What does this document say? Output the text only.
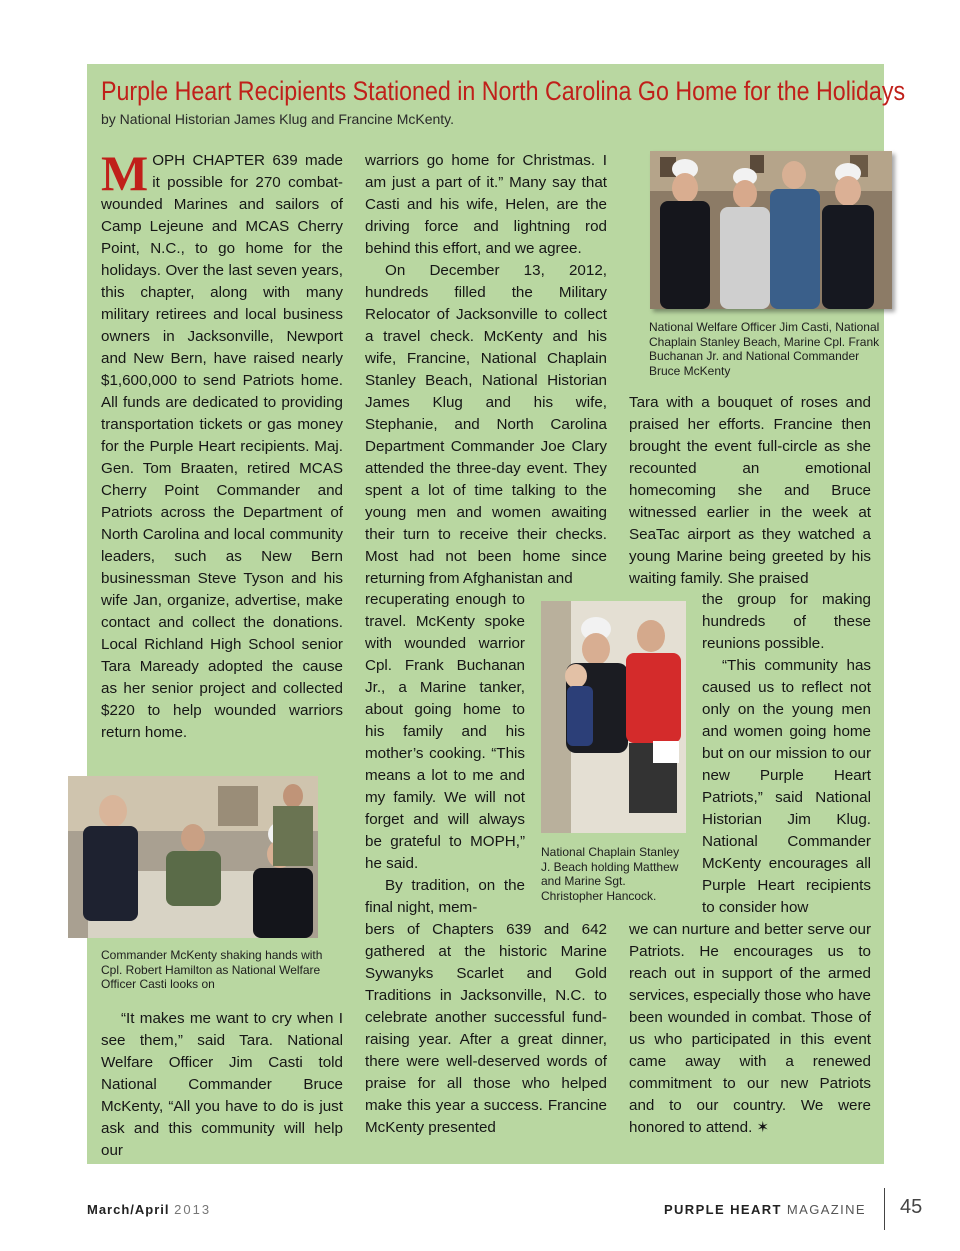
Purple Heart Recipients Stationed in North Carolina Go Home for the Holidays
by National Historian James Klug and Francine McKenty.

MOPH CHAPTER 639 made it possible for 270 combat-wounded Marines and sailors of Camp Lejeune and MCAS Cherry Point, N.C., to go home for the holidays. Over the last seven years, this chapter, along with many military retirees and local business owners in Jacksonville, Newport and New Bern, have raised nearly $1,600,000 to send Patriots home. All funds are dedicated to providing transportation tickets or gas money for the Purple Heart recipients. Maj. Gen. Tom Braaten, retired MCAS Cherry Point Commander and Patriots across the Department of North Carolina and local community leaders, such as New Bern businessman Steve Tyson and his wife Jan, organize, advertise, make contact and collect the donations. Local Richland High School senior Tara Maready adopted the cause as her senior project and collected $220 to help wounded warriors return home.

Commander McKenty shaking hands with Cpl. Robert Hamilton as National Welfare Officer Casti looks on

“It makes me want to cry when I see them,” said Tara. National Welfare Officer Jim Casti told National Commander Bruce McKenty, “All you have to do is just ask and this community will help our

warriors go home for Christmas. I am just a part of it.” Many say that Casti and his wife, Helen, are the driving force and lightning rod behind this effort, and we agree.

On December 13, 2012, hundreds filled the Military Relocator of Jacksonville to collect a travel check. McKenty and his wife, Francine, National Chaplain Stanley Beach, National Historian James Klug and his wife, Stephanie, and North Carolina Department Commander Joe Clary attended the three-day event. They spent a lot of time talking to the young men and women awaiting their turn to receive their checks. Most had not been home since returning from Afghanistan and

recuperating enough to travel. McKenty spoke with wounded warrior Cpl. Frank Buchanan Jr., a Marine tanker, about going home to his family and his mother’s cooking. “This means a lot to me and my family. We will not forget and will always be grateful to MOPH,” he said.

By tradition, on the final night, mem-

bers of Chapters 639 and 642 gathered at the historic Marine Sywanyks Scarlet and Gold Traditions in Jacksonville, N.C. to celebrate another successful fund-raising year. After a great dinner, there were well-deserved words of praise for all those who helped make this year a success. Francine McKenty presented

National Chaplain Stanley J. Beach holding Matthew and Marine Sgt. Christopher Hancock.
National Welfare Officer Jim Casti, National Chaplain Stanley Beach, Marine Cpl. Frank Buchanan Jr. and National Commander Bruce McKenty

Tara with a bouquet of roses and praised her efforts. Francine then brought the event full-circle as she recounted an emotional homecoming she and Bruce witnessed earlier in the week at SeaTac airport as they watched a young Marine being greeted by his waiting family. She praised

the group for making hundreds of these reunions possible.

“This community has caused us to reflect not only on the young men and women going home but on our mission to our new Purple Heart Patriots,” said National Historian Jim Klug. National Commander McKenty encourages all Purple Heart recipients to consider how

we can nurture and better serve our Patriots. He encourages us to reach out in support of the armed services, especially those who have been wounded in combat. Those of us who participated in this event came away with a renewed commitment to our new Patriots and to our country. We were honored to attend. ✶

March/April 2013	PURPLE HEART MAGAZINE 45
